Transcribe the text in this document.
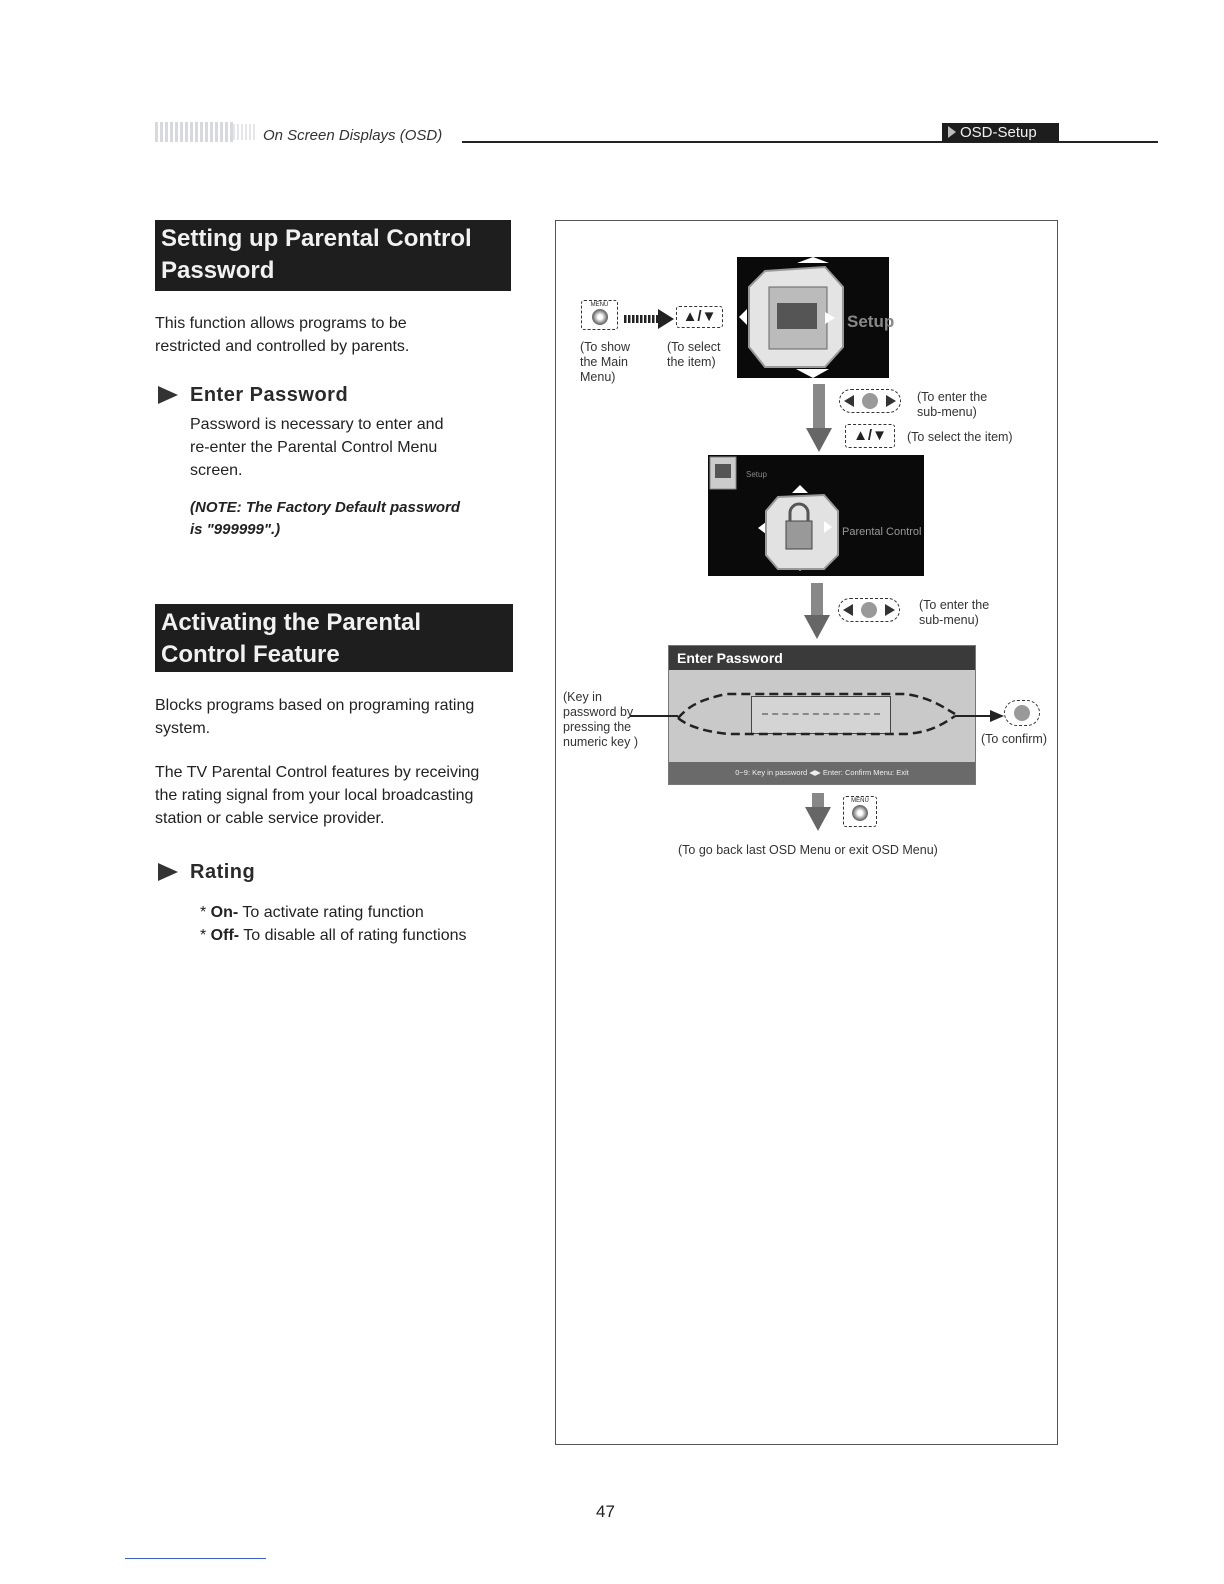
On Screen Displays (OSD)	OSD-Setup
Setting up Parental Control
Password
This function allows programs to be
restricted and controlled by parents.
Enter Password
Password is necessary to enter and
re-enter the Parental Control Menu
screen.
(NOTE: The Factory Default password
is "999999".)
Activating the Parental
Control Feature
Blocks programs based on programing rating
system.
The TV Parental Control features by receiving
the rating signal from your local broadcasting
station or cable service provider.
Rating
* On- To activate rating function
* Off- To disable all of rating functions
MENU
▲/▼
(To show
the Main
Menu)
(To select
the item)
Setup
(To enter the
sub-menu)
▲/▼	(To select the item)
Setup
Parental Control
(To enter the
sub-menu)
Enter Password
0~9: Key in password ◀▶ Enter: Confirm Menu: Exit
(Key in
password by
pressing the
numeric key )	(To confirm)
MENU
(To go back last OSD Menu or exit OSD Menu)
47
